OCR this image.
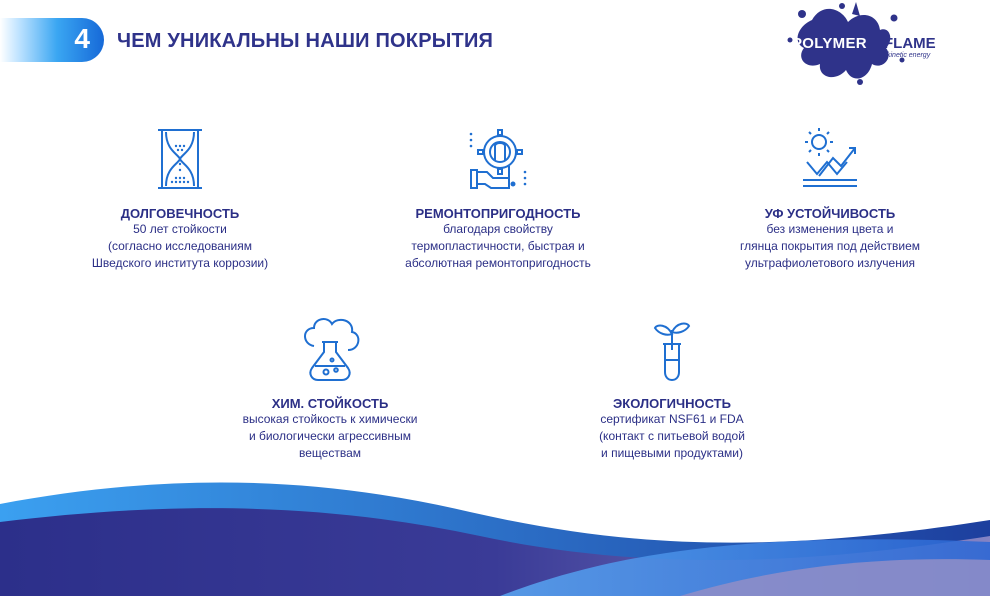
4 ЧЕМ УНИКАЛЬНЫ НАШИ ПОКРЫТИЯ	POLYMER FLAME
kinetic energy
ДОЛГОВЕЧНОСТЬ
50 лет стойкости
(согласно исследованиям
Шведского института коррозии)
РЕМОНТОПРИГОДНОСТЬ
благодаря свойству
термопластичности, быстрая и
абсолютная ремонтопригодность
УФ УСТОЙЧИВОСТЬ
без изменения цвета и
глянца покрытия под действием
ультрафиолетового излучения
ХИМ. СТОЙКОСТЬ
высокая стойкость к химически
и биологически агрессивным
веществам
ЭКОЛОГИЧНОСТЬ
сертификат NSF61 и FDA
(контакт с питьевой водой
и пищевыми продуктами)
